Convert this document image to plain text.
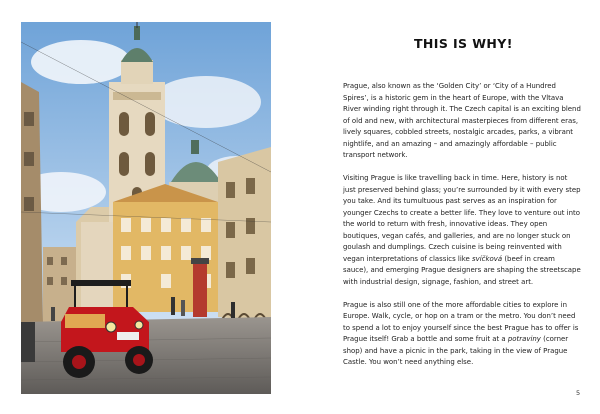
THIS IS WHY!

Prague, also known as the ‘Golden City’ or ‘City of a Hundred Spires’, is a historic gem in the heart of Europe, with the Vltava River winding right through it. The Czech capital is an exciting blend of old and new, with architectural masterpieces from different eras, lively squares, cobbled streets, nostalgic arcades, parks, a vibrant nightlife, and an amazing – and amazingly affordable – public transport network.

Visiting Prague is like travelling back in time. Here, history is not just preserved behind glass; you’re surrounded by it with every step you take. And its tumultuous past serves as an inspiration for younger Czechs to create a better life. They love to venture out into the world to return with fresh, innovative ideas. They open boutiques, vegan cafés, and galleries, and are no longer stuck on goulash and dumplings. Czech cuisine is being reinvented with vegan interpretations of classics like svíčková (beef in cream sauce), and emerging Prague designers are shaping the streetscape with industrial design, signage, fashion, and street art.

Prague is also still one of the more affordable cities to explore in Europe. Walk, cycle, or hop on a tram or the metro. You don’t need to spend a lot to enjoy yourself since the best Prague has to offer is Prague itself! Grab a bottle and some fruit at a potraviny (corner shop) and have a picnic in the park, taking in the view of Prague Castle. You won’t need anything else.

5
